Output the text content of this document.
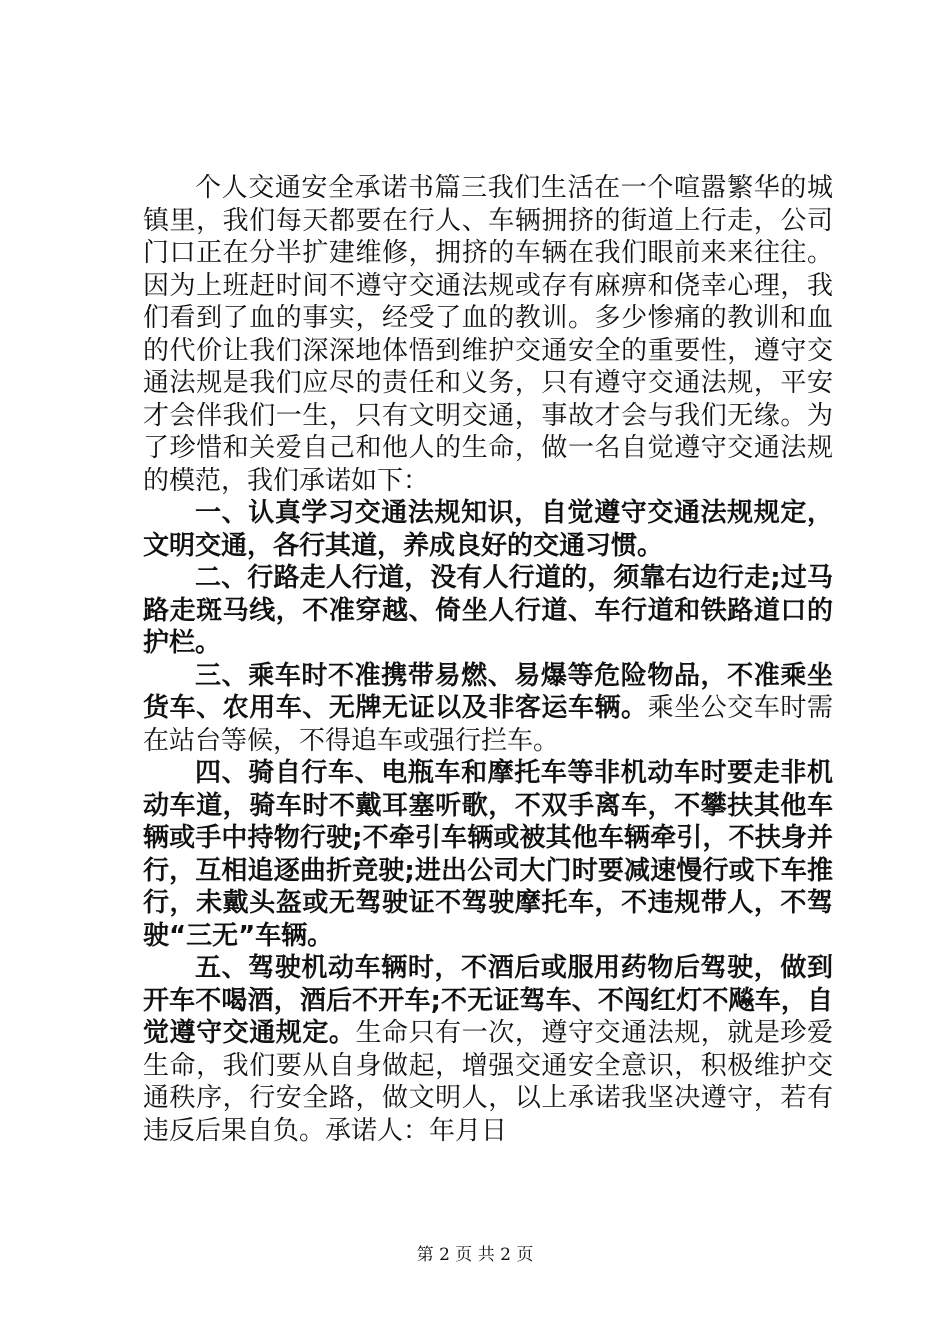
个人交通安全承诺书篇三我们生活在一个喧嚣繁华的城镇里，我们每天都要在行人、车辆拥挤的街道上行走，公司门口正在分半扩建维修，拥挤的车辆在我们眼前来来往往。因为上班赶时间不遵守交通法规或存有麻痹和侥幸心理，我们看到了血的事实，经受了血的教训。多少惨痛的教训和血的代价让我们深深地体悟到维护交通安全的重要性，遵守交通法规是我们应尽的责任和义务，只有遵守交通法规，平安才会伴我们一生，只有文明交通，事故才会与我们无缘。为了珍惜和关爱自己和他人的生命，做一名自觉遵守交通法规的模范，我们承诺如下：

一、认真学习交通法规知识，自觉遵守交通法规规定，文明交通，各行其道，养成良好的交通习惯。

二、行路走人行道，没有人行道的，须靠右边行走;过马路走斑马线，不准穿越、倚坐人行道、车行道和铁路道口的护栏。

三、乘车时不准携带易燃、易爆等危险物品，不准乘坐货车、农用车、无牌无证以及非客运车辆。乘坐公交车时需在站台等候，不得追车或强行拦车。

四、骑自行车、电瓶车和摩托车等非机动车时要走非机动车道，骑车时不戴耳塞听歌，不双手离车，不攀扶其他车辆或手中持物行驶;不牵引车辆或被其他车辆牵引，不扶身并行，互相追逐曲折竞驶;进出公司大门时要减速慢行或下车推行，未戴头盔或无驾驶证不驾驶摩托车，不违规带人，不驾驶“三无”车辆。

五、驾驶机动车辆时，不酒后或服用药物后驾驶，做到开车不喝酒，酒后不开车;不无证驾车、不闯红灯不飚车，自觉遵守交通规定。生命只有一次，遵守交通法规，就是珍爱生命，我们要从自身做起，增强交通安全意识，积极维护交通秩序，行安全路，做文明人，以上承诺我坚决遵守，若有违反后果自负。承诺人：年月日

第 2 页 共 2 页
